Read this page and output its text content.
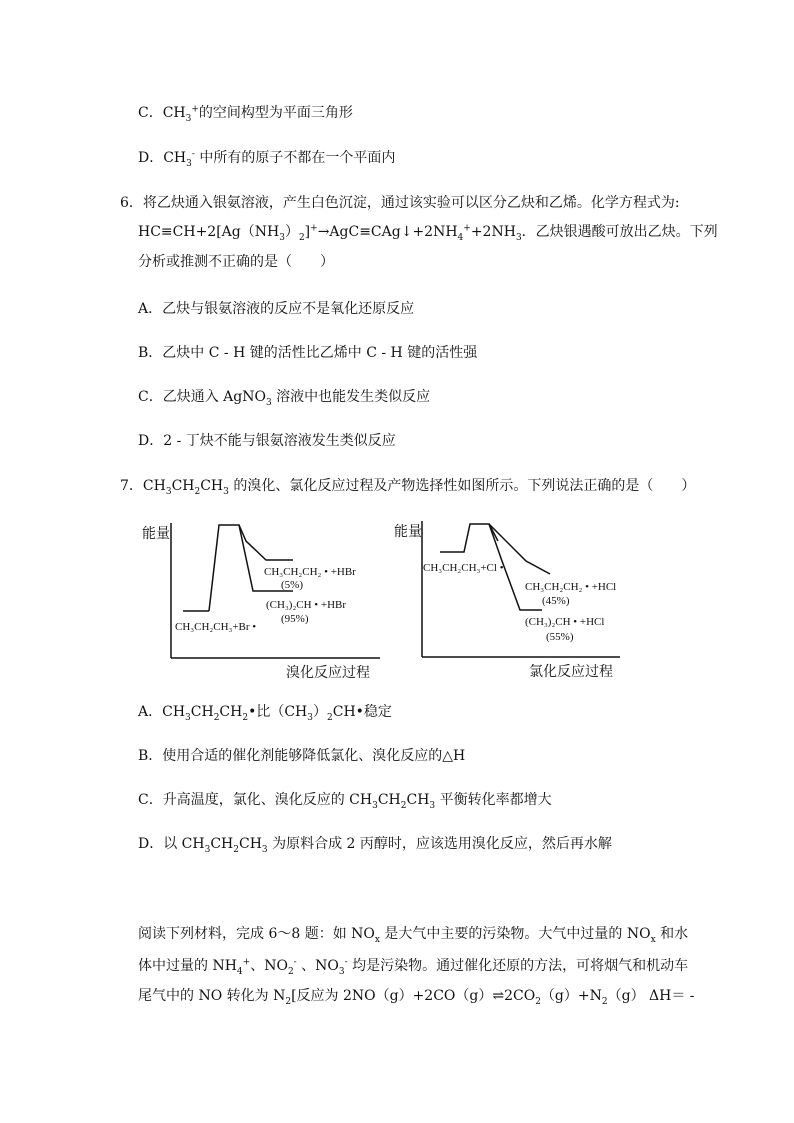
C．$CH_3^+$的空间构型为平面三角形
D．$CH_3^-$ 中所有的原子不都在一个平面内
6．将乙炔通入银氨溶液，产生白色沉淀，通过该实验可以区分乙炔和乙烯。化学方程式为:
$HC\equiv CH+2[Ag(NH_3)_2]^+\to AgC\equiv CAg↓+2NH_4^++2NH_3$．乙炔银遇酸可放出乙炔。下列
分析或推测不正确的是（　　）
A．乙炔与银氨溶液的反应不是氧化还原反应
B．乙炔中 C - H 键的活性比乙烯中 C - H 键的活性强
C．乙炔通入 AgNO$_3$ 溶液中也能发生类似反应
D．2 - 丁炔不能与银氨溶液发生类似反应
7．$CH_3CH_2CH_3$ 的溴化、氯化反应过程及产物选择性如图所示。下列说法正确的是（　　）
能量
CH₃CH₂CH₃+Br •
CH₃CH₂CH₂ • +HBr
(5%)
(CH₃)₂CH • +HBr
(95%)
溴化反应过程
能量
CH₃CH₂CH₃+Cl •
CH₃CH₂CH₂ • +HCl
(45%)
(CH₃)₂CH • +HCl
(55%)
氯化反应过程
A．$CH_3CH_2CH_2•$比$(CH_3)_2CH•$稳定
B．使用合适的催化剂能够降低氯化、溴化反应的△H
C．升高温度，氯化、溴化反应的 $CH_3CH_2CH_3$ 平衡转化率都增大
D．以 $CH_3CH_2CH_3$ 为原料合成 2 丙醇时，应该选用溴化反应，然后再水解
阅读下列材料，完成 6～8 题：如 $NO_x$ 是大气中主要的污染物。大气中过量的 $NO_x$ 和水
体中过量的 $NH_4^+$、$NO_2^-$ 、$NO_3^-$ 均是污染物。通过催化还原的方法，可将烟气和机动车
尾气中的 NO 转化为 $N_2$[反应为 $2NO(g)+2CO(g)\rightleftharpoons 2CO_2(g)+N_2(g)$ ΔH＝ -
